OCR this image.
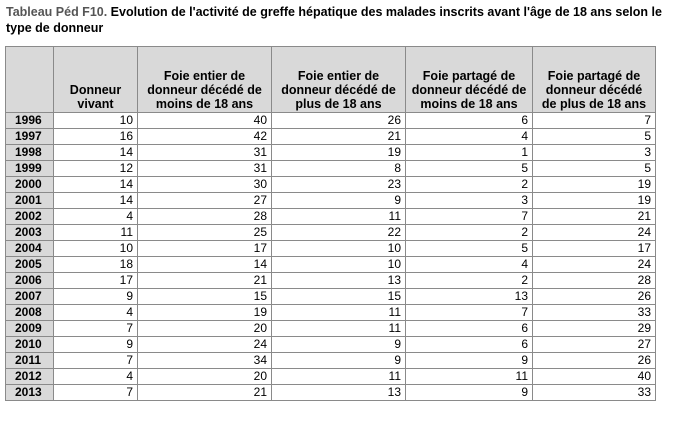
Tableau Péd F10. Evolution de l'activité de greffe hépatique des malades inscrits avant l'âge de 18 ans selon le type de donneur
	Donneur vivant	Foie entier de donneur décédé de moins de 18 ans	Foie entier de donneur décédé de plus de 18 ans	Foie partagé de donneur décédé de moins de 18 ans	Foie partagé de donneur décédé de plus de 18 ans
1996	10	40	26	6	7
1997	16	42	21	4	5
1998	14	31	19	1	3
1999	12	31	8	5	5
2000	14	30	23	2	19
2001	14	27	9	3	19
2002	4	28	11	7	21
2003	11	25	22	2	24
2004	10	17	10	5	17
2005	18	14	10	4	24
2006	17	21	13	2	28
2007	9	15	15	13	26
2008	4	19	11	7	33
2009	7	20	11	6	29
2010	9	24	9	6	27
2011	7	34	9	9	26
2012	4	20	11	11	40
2013	7	21	13	9	33
